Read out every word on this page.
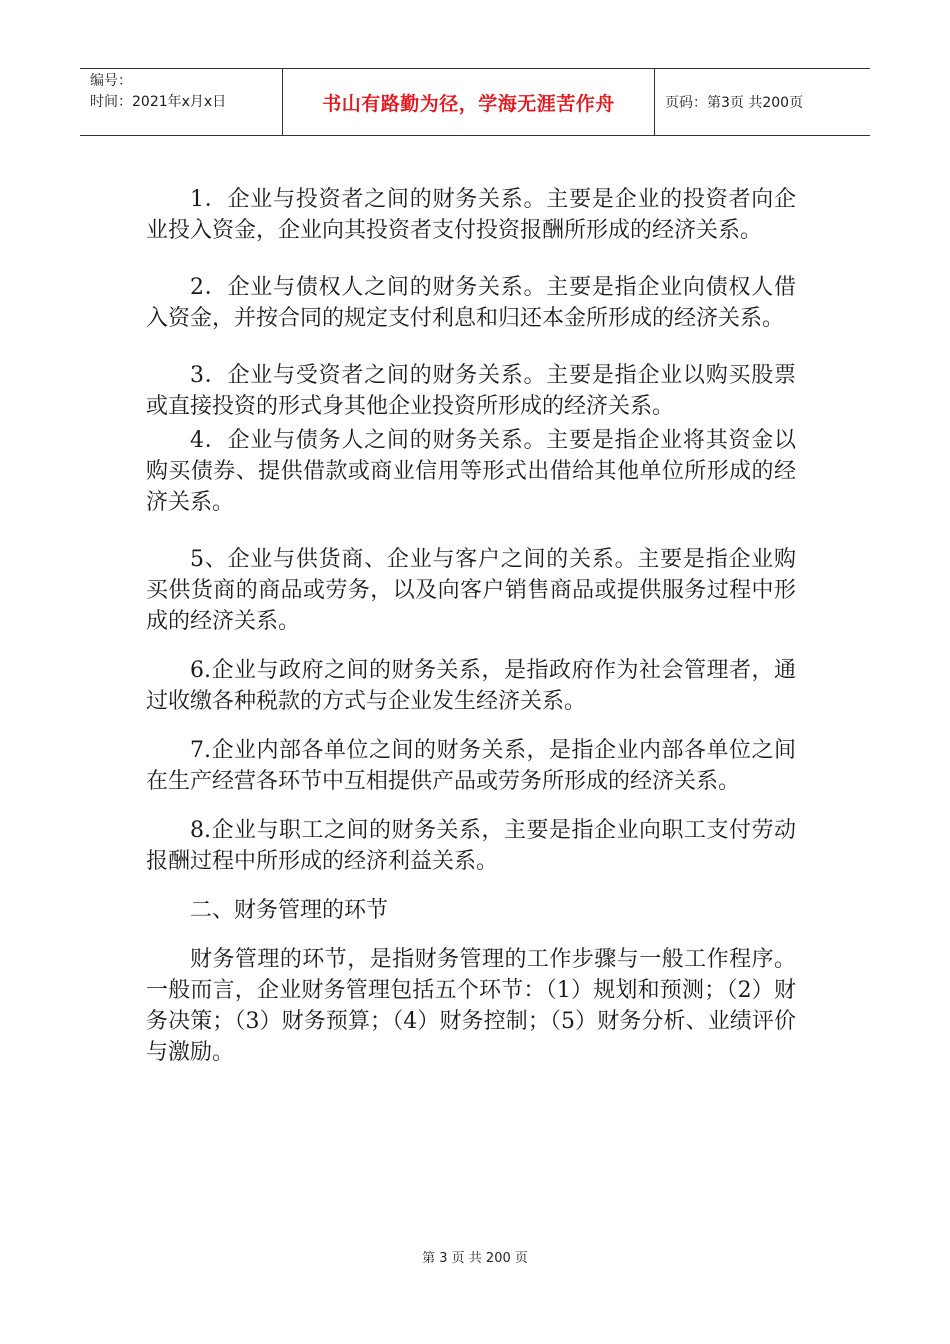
编号：
时间：2021年x月x日	书山有路勤为径，学海无涯苦作舟	页码：第3页 共200页

1．企业与投资者之间的财务关系。主要是企业的投资者向企业投入资金，企业向其投资者支付投资报酬所形成的经济关系。

2．企业与债权人之间的财务关系。主要是指企业向债权人借入资金，并按合同的规定支付利息和归还本金所形成的经济关系。

3．企业与受资者之间的财务关系。主要是指企业以购买股票或直接投资的形式身其他企业投资所形成的经济关系。

4．企业与债务人之间的财务关系。主要是指企业将其资金以购买债券、提供借款或商业信用等形式出借给其他单位所形成的经济关系。

5、企业与供货商、企业与客户之间的关系。主要是指企业购买供货商的商品或劳务，以及向客户销售商品或提供服务过程中形成的经济关系。

6.企业与政府之间的财务关系，是指政府作为社会管理者，通过收缴各种税款的方式与企业发生经济关系。

7.企业内部各单位之间的财务关系，是指企业内部各单位之间在生产经营各环节中互相提供产品或劳务所形成的经济关系。

8.企业与职工之间的财务关系，主要是指企业向职工支付劳动报酬过程中所形成的经济利益关系。

二、财务管理的环节

财务管理的环节，是指财务管理的工作步骤与一般工作程序。一般而言，企业财务管理包括五个环节：（1）规划和预测；（2）财务决策；（3）财务预算；（4）财务控制；（5）财务分析、业绩评价与激励。

第 3 页 共 200 页
